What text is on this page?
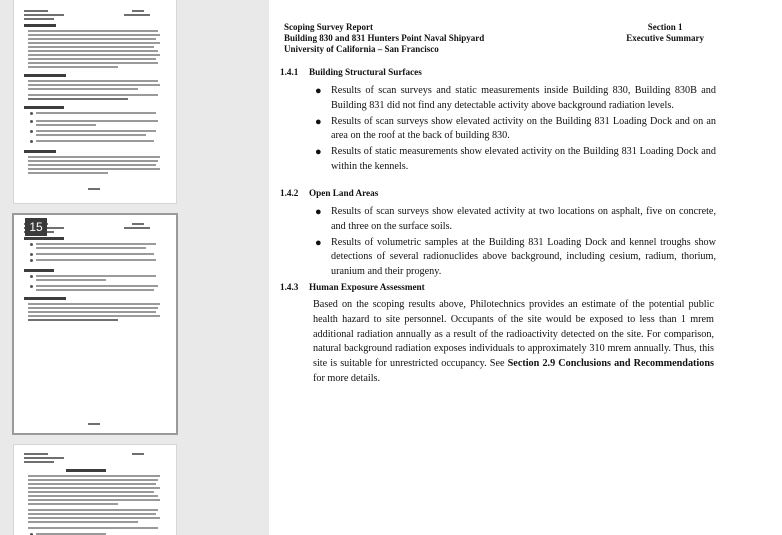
15
Scoping Survey Report
Building 830 and 831 Hunters Point Naval Shipyard
University of California – San Francisco
Section 1
Executive Summary
1.4.1 Building Structural Surfaces
● Results of scan surveys and static measurements inside Building 830, Building 830B and Building 831 did not find any detectable activity above background radiation levels.
● Results of scan surveys show elevated activity on the Building 831 Loading Dock and on an area on the roof at the back of building 830.
● Results of static measurements show elevated activity on the Building 831 Loading Dock and within the kennels.
1.4.2 Open Land Areas
● Results of scan surveys show elevated activity at two locations on asphalt, five on concrete, and three on the surface soils.
● Results of volumetric samples at the Building 831 Loading Dock and kennel troughs show detections of several radionuclides above background, including cesium, radium, thorium, uranium and their progeny.
1.4.3 Human Exposure Assessment

Based on the scoping results above, Philotechnics provides an estimate of the potential public health hazard to site personnel. Occupants of the site would be exposed to less than 1 mrem additional radiation annually as a result of the radioactivity detected on the site. For comparison, natural background radiation exposes individuals to approximately 310 mrem annually. Thus, this site is suitable for unrestricted occupancy. See Section 2.9 Conclusions and Recommendations for more details.
